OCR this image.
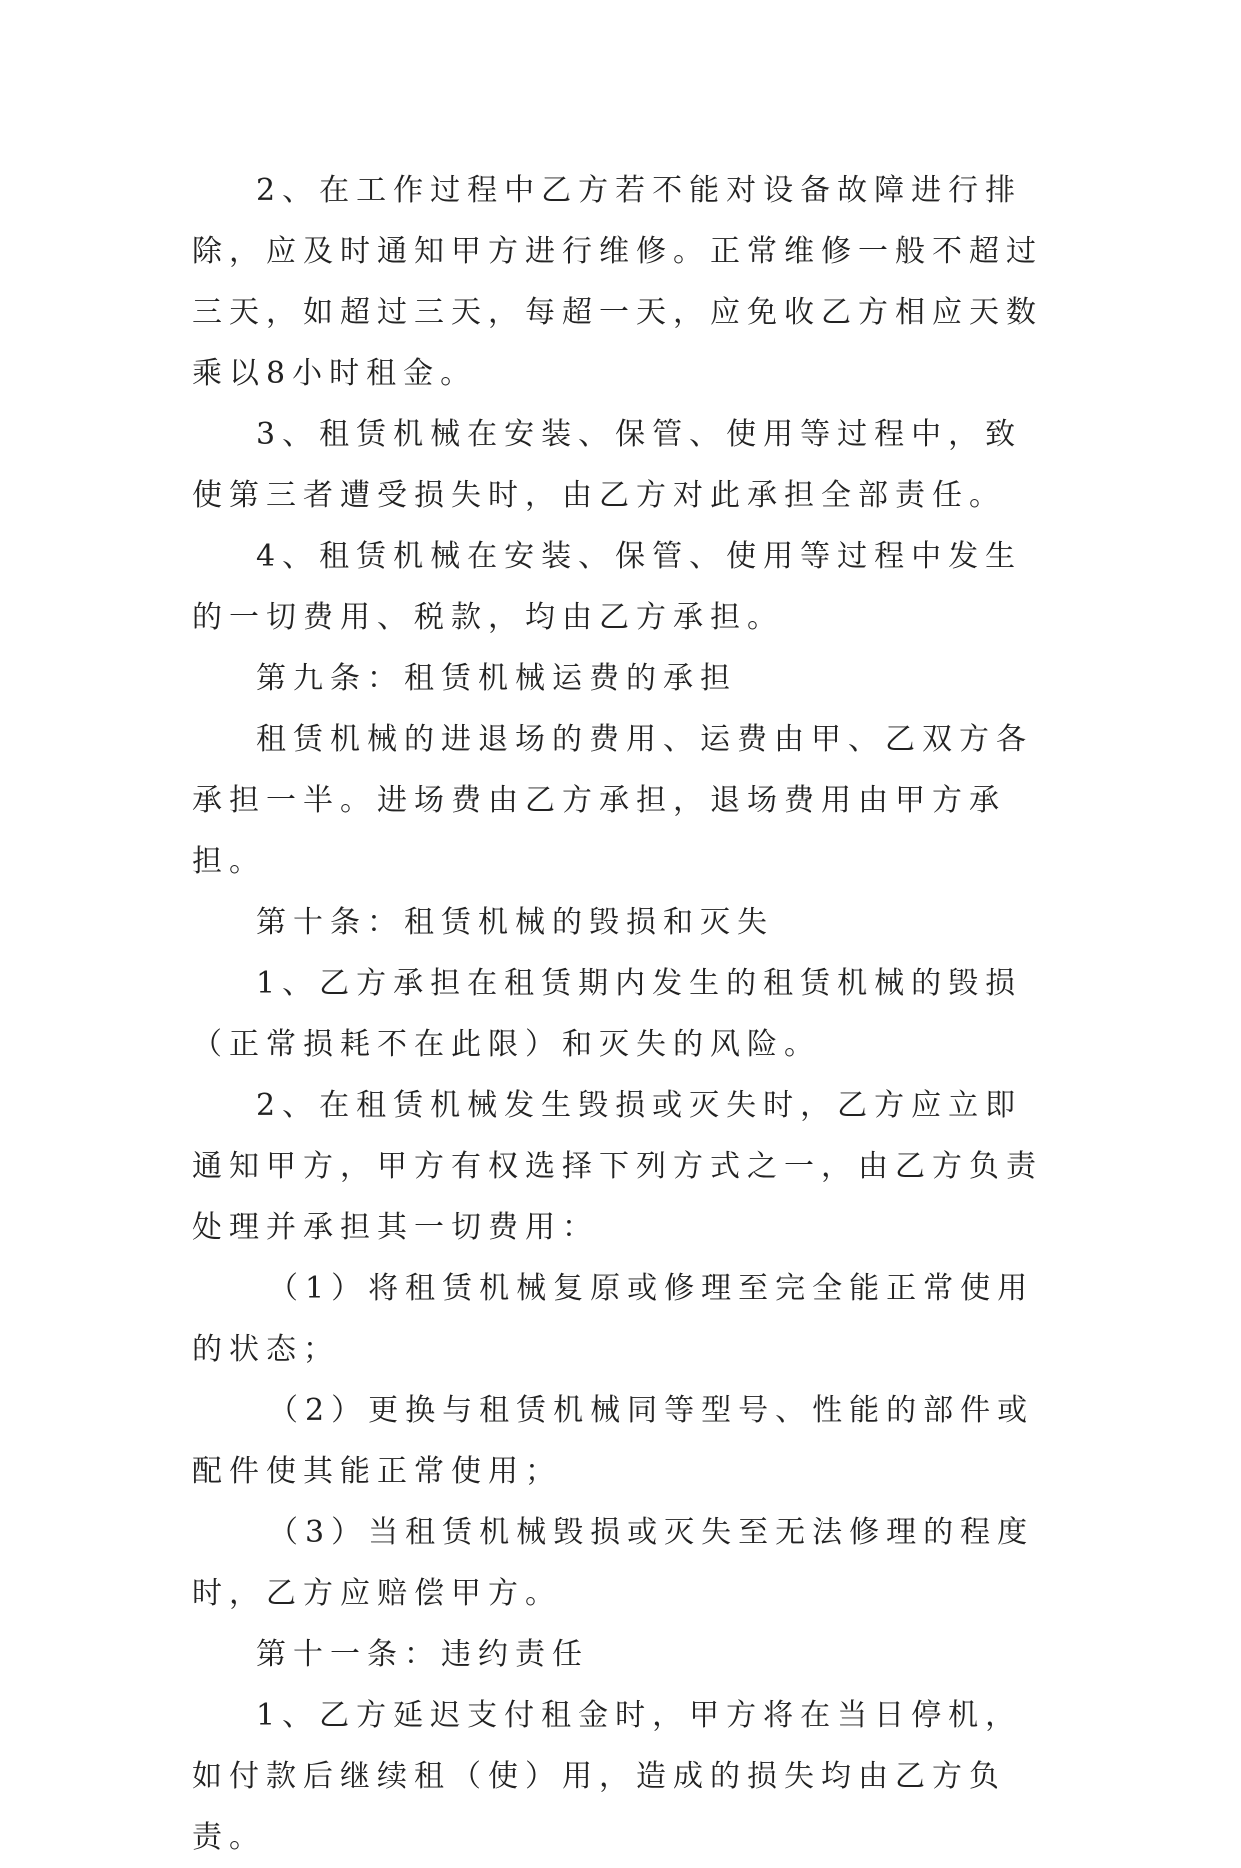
2、在工作过程中乙方若不能对设备故障进行排除，应及时通知甲方进行维修。正常维修一般不超过三天，如超过三天，每超一天，应免收乙方相应天数乘以8小时租金。

3、租赁机械在安装、保管、使用等过程中，致使第三者遭受损失时，由乙方对此承担全部责任。

4、租赁机械在安装、保管、使用等过程中发生的一切费用、税款，均由乙方承担。

第九条：租赁机械运费的承担

租赁机械的进退场的费用、运费由甲、乙双方各承担一半。进场费由乙方承担，退场费用由甲方承担。

第十条：租赁机械的毁损和灭失

1、乙方承担在租赁期内发生的租赁机械的毁损（正常损耗不在此限）和灭失的风险。

2、在租赁机械发生毁损或灭失时，乙方应立即通知甲方，甲方有权选择下列方式之一，由乙方负责处理并承担其一切费用：

（1）将租赁机械复原或修理至完全能正常使用的状态；

（2）更换与租赁机械同等型号、性能的部件或配件使其能正常使用；

（3）当租赁机械毁损或灭失至无法修理的程度时，乙方应赔偿甲方。

第十一条：违约责任

1、乙方延迟支付租金时，甲方将在当日停机，如付款后继续租（使）用，造成的损失均由乙方负责。
